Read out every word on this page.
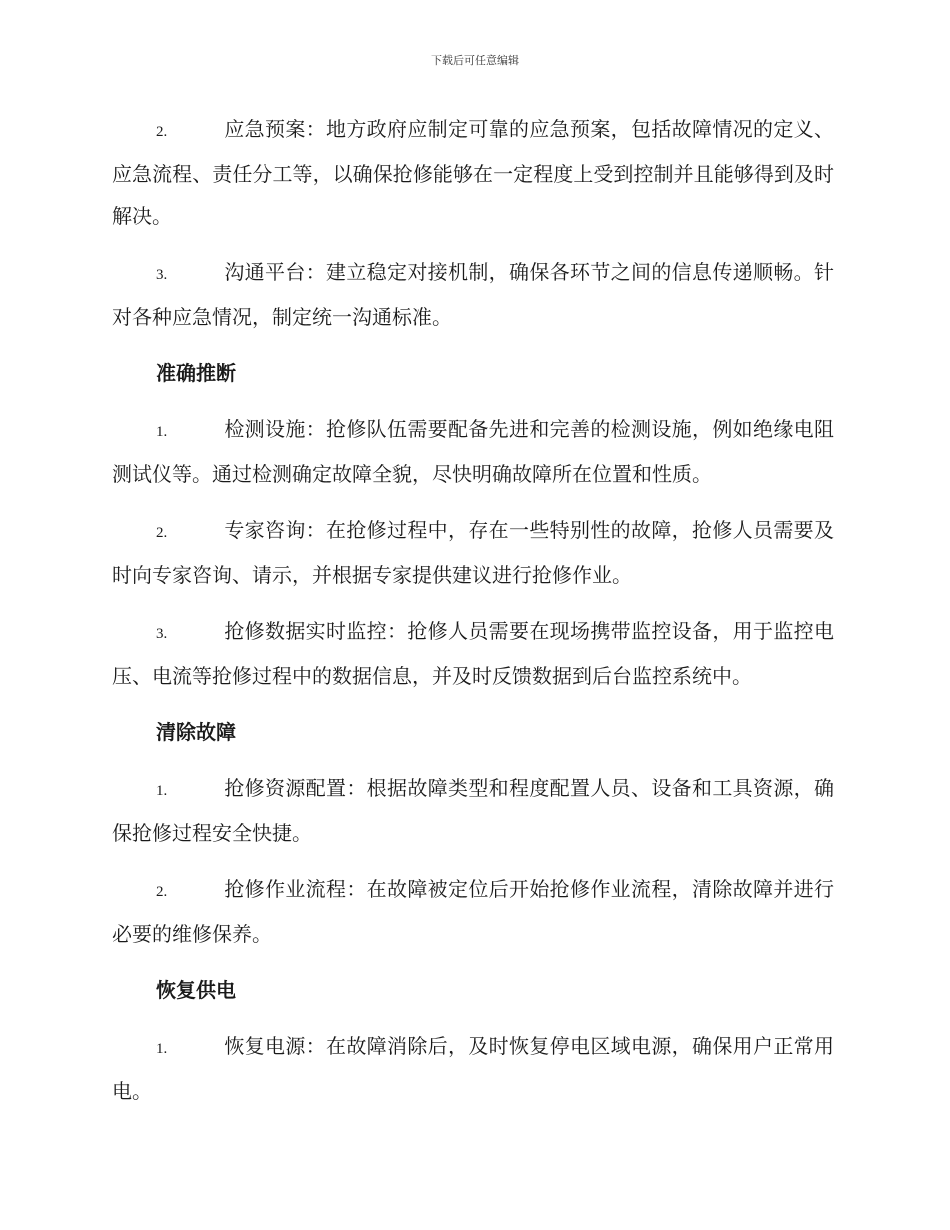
下载后可任意编辑

2.	应急预案：地方政府应制定可靠的应急预案，包括故障情况的定义、应急流程、责任分工等，以确保抢修能够在一定程度上受到控制并且能够得到及时解决。

3.	沟通平台：建立稳定对接机制，确保各环节之间的信息传递顺畅。针对各种应急情况，制定统一沟通标准。

准确推断

1.	检测设施：抢修队伍需要配备先进和完善的检测设施，例如绝缘电阻测试仪等。通过检测确定故障全貌，尽快明确故障所在位置和性质。

2.	专家咨询：在抢修过程中，存在一些特别性的故障，抢修人员需要及时向专家咨询、请示，并根据专家提供建议进行抢修作业。

3.	抢修数据实时监控：抢修人员需要在现场携带监控设备，用于监控电压、电流等抢修过程中的数据信息，并及时反馈数据到后台监控系统中。

清除故障

1.	抢修资源配置：根据故障类型和程度配置人员、设备和工具资源，确保抢修过程安全快捷。

2.	抢修作业流程：在故障被定位后开始抢修作业流程，清除故障并进行必要的维修保养。

恢复供电

1.	恢复电源：在故障消除后，及时恢复停电区域电源，确保用户正常用电。
